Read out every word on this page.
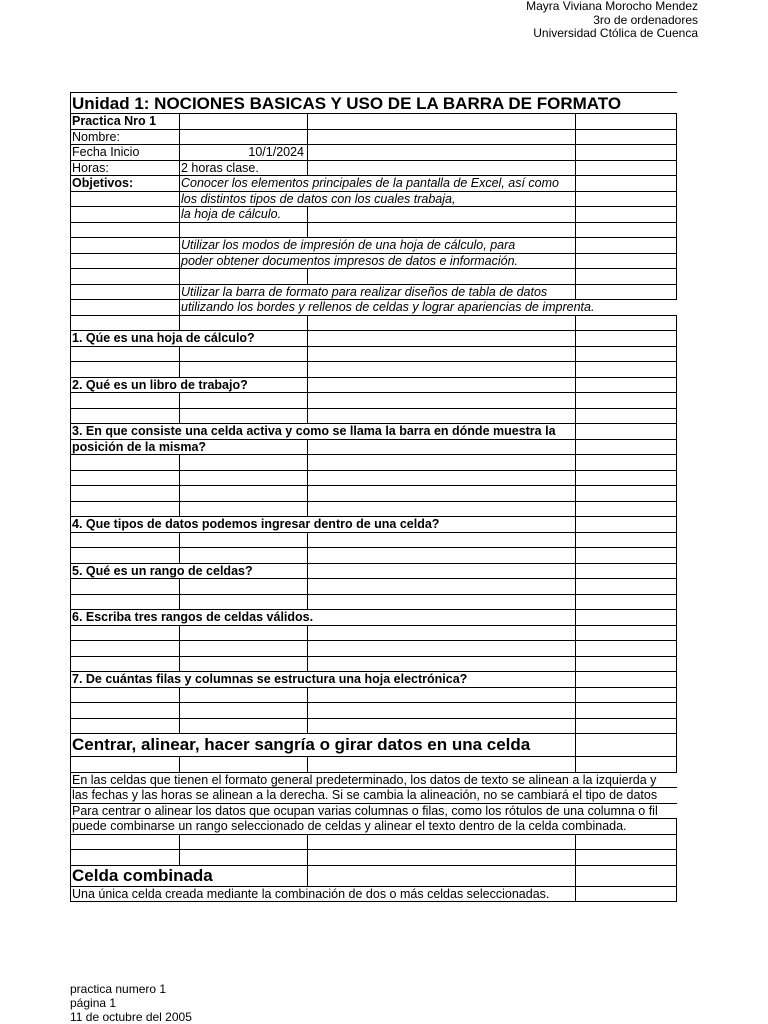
Mayra Viviana Morocho Mendez
3ro de ordenadores
Universidad Ctólica de Cuenca
Unidad 1: NOCIONES BASICAS Y USO DE LA BARRA DE FORMATO
Practica Nro 1
Nombre:
Fecha Inicio	10/1/2024
Horas:	2 horas clase.
Objetivos:	Conocer los elementos principales de la pantalla de Excel, así como
los distintos tipos de datos con los cuales trabaja,
la hoja de cálculo.
Utilizar los modos de impresión de una hoja de cálculo, para
poder obtener documentos impresos de datos e información.
Utilizar la barra de formato para realizar diseños de tabla de datos
utilizando los bordes y rellenos de celdas y lograr apariencias de imprenta.
1. Qúe es una hoja de cálculo?
2. Qué es un libro de trabajo?
3. En que consiste una celda activa y como se llama la barra en dónde muestra la
posición de la misma?
4. Que tipos de datos podemos ingresar dentro de una celda?
5. Qué es un rango de celdas?
6. Escriba tres rangos de celdas válidos.
7. De cuántas filas y columnas se estructura una hoja electrónica?
Centrar, alinear, hacer sangría o girar datos en una celda
En las celdas que tienen el formato general predeterminado, los datos de texto se alinean a la izquierda y
las fechas y las horas se alinean a la derecha. Si se cambia la alineación, no se cambiará el tipo de datos
Para centrar o alinear los datos que ocupan varias columnas o filas, como los rótulos de una columna o fil
puede combinarse un rango seleccionado de celdas y alinear el texto dentro de la celda combinada.
Celda combinada
Una única celda creada mediante la combinación de dos o más celdas seleccionadas.
practica numero 1
página 1
11 de octubre del 2005
